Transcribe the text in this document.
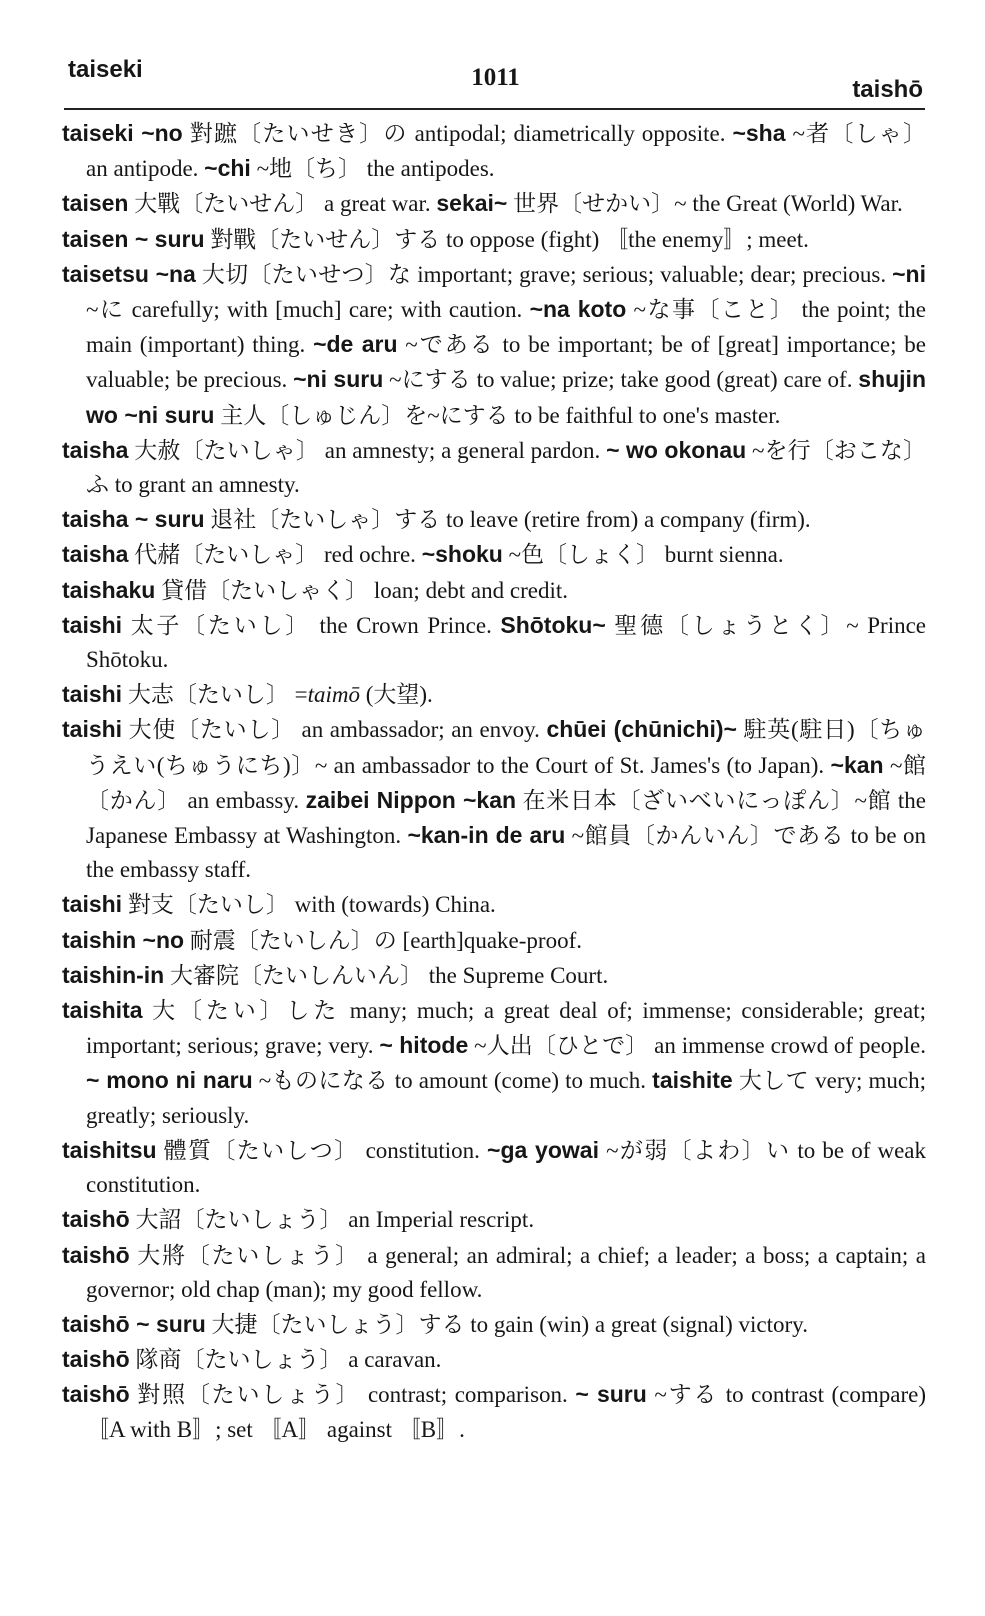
taiseki	1011	taishō

taiseki ~no 對蹠〔たいせき〕の antipodal; diametrically opposite. ~sha ~者〔しゃ〕 an antipode. ~chi ~地〔ち〕 the antipodes.

taisen 大戰〔たいせん〕 a great war. sekai~ 世界〔せかい〕~ the Great (World) War.

taisen ~ suru 對戰〔たいせん〕する to oppose (fight) 〚the enemy〛; meet.

taisetsu ~na 大切〔たいせつ〕な important; grave; serious; valuable; dear; precious. ~ni ~に carefully; with [much] care; with caution. ~na koto ~な事〔こと〕 the point; the main (important) thing. ~de aru ~である to be important; be of [great] importance; be valuable; be precious. ~ni suru ~にする to value; prize; take good (great) care of. shujin wo ~ni suru 主人〔しゅじん〕を~にする to be faithful to one's master.

taisha 大赦〔たいしゃ〕 an amnesty; a general pardon. ~ wo okonau ~を行〔おこな〕ふ to grant an amnesty.

taisha ~ suru 退社〔たいしゃ〕する to leave (retire from) a company (firm).

taisha 代赭〔たいしゃ〕 red ochre. ~shoku ~色〔しょく〕 burnt sienna.

taishaku 貸借〔たいしゃく〕 loan; debt and credit.

taishi 太子〔たいし〕 the Crown Prince. Shōtoku~ 聖德〔しょうとく〕~ Prince Shōtoku.

taishi 大志〔たいし〕 =taimō (大望).

taishi 大使〔たいし〕 an ambassador; an envoy. chūei (chūnichi)~ 駐英(駐日)〔ちゅうえい(ちゅうにち)〕~ an ambassador to the Court of St. James's (to Japan). ~kan ~館〔かん〕 an embassy. zaibei Nippon ~kan 在米日本〔ざいべいにっぽん〕~館 the Japanese Embassy at Washington. ~kan-in de aru ~館員〔かんいん〕である to be on the embassy staff.

taishi 對支〔たいし〕 with (towards) China.

taishin ~no 耐震〔たいしん〕の [earth]quake-proof.

taishin-in 大審院〔たいしんいん〕 the Supreme Court.

taishita 大〔たい〕した many; much; a great deal of; immense; considerable; great; important; serious; grave; very. ~ hitode ~人出〔ひとで〕 an immense crowd of people. ~ mono ni naru ~ものになる to amount (come) to much. taishite 大して very; much; greatly; seriously.

taishitsu 體質〔たいしつ〕 constitution. ~ga yowai ~が弱〔よわ〕い to be of weak constitution.

taishō 大詔〔たいしょう〕 an Imperial rescript.

taishō 大將〔たいしょう〕 a general; an admiral; a chief; a leader; a boss; a captain; a governor; old chap (man); my good fellow.

taishō ~ suru 大捷〔たいしょう〕する to gain (win) a great (signal) victory.

taishō 隊商〔たいしょう〕 a caravan.

taishō 對照〔たいしょう〕 contrast; comparison. ~ suru ~する to contrast (compare) 〚A with B〛; set 〚A〛 against 〚B〛.
